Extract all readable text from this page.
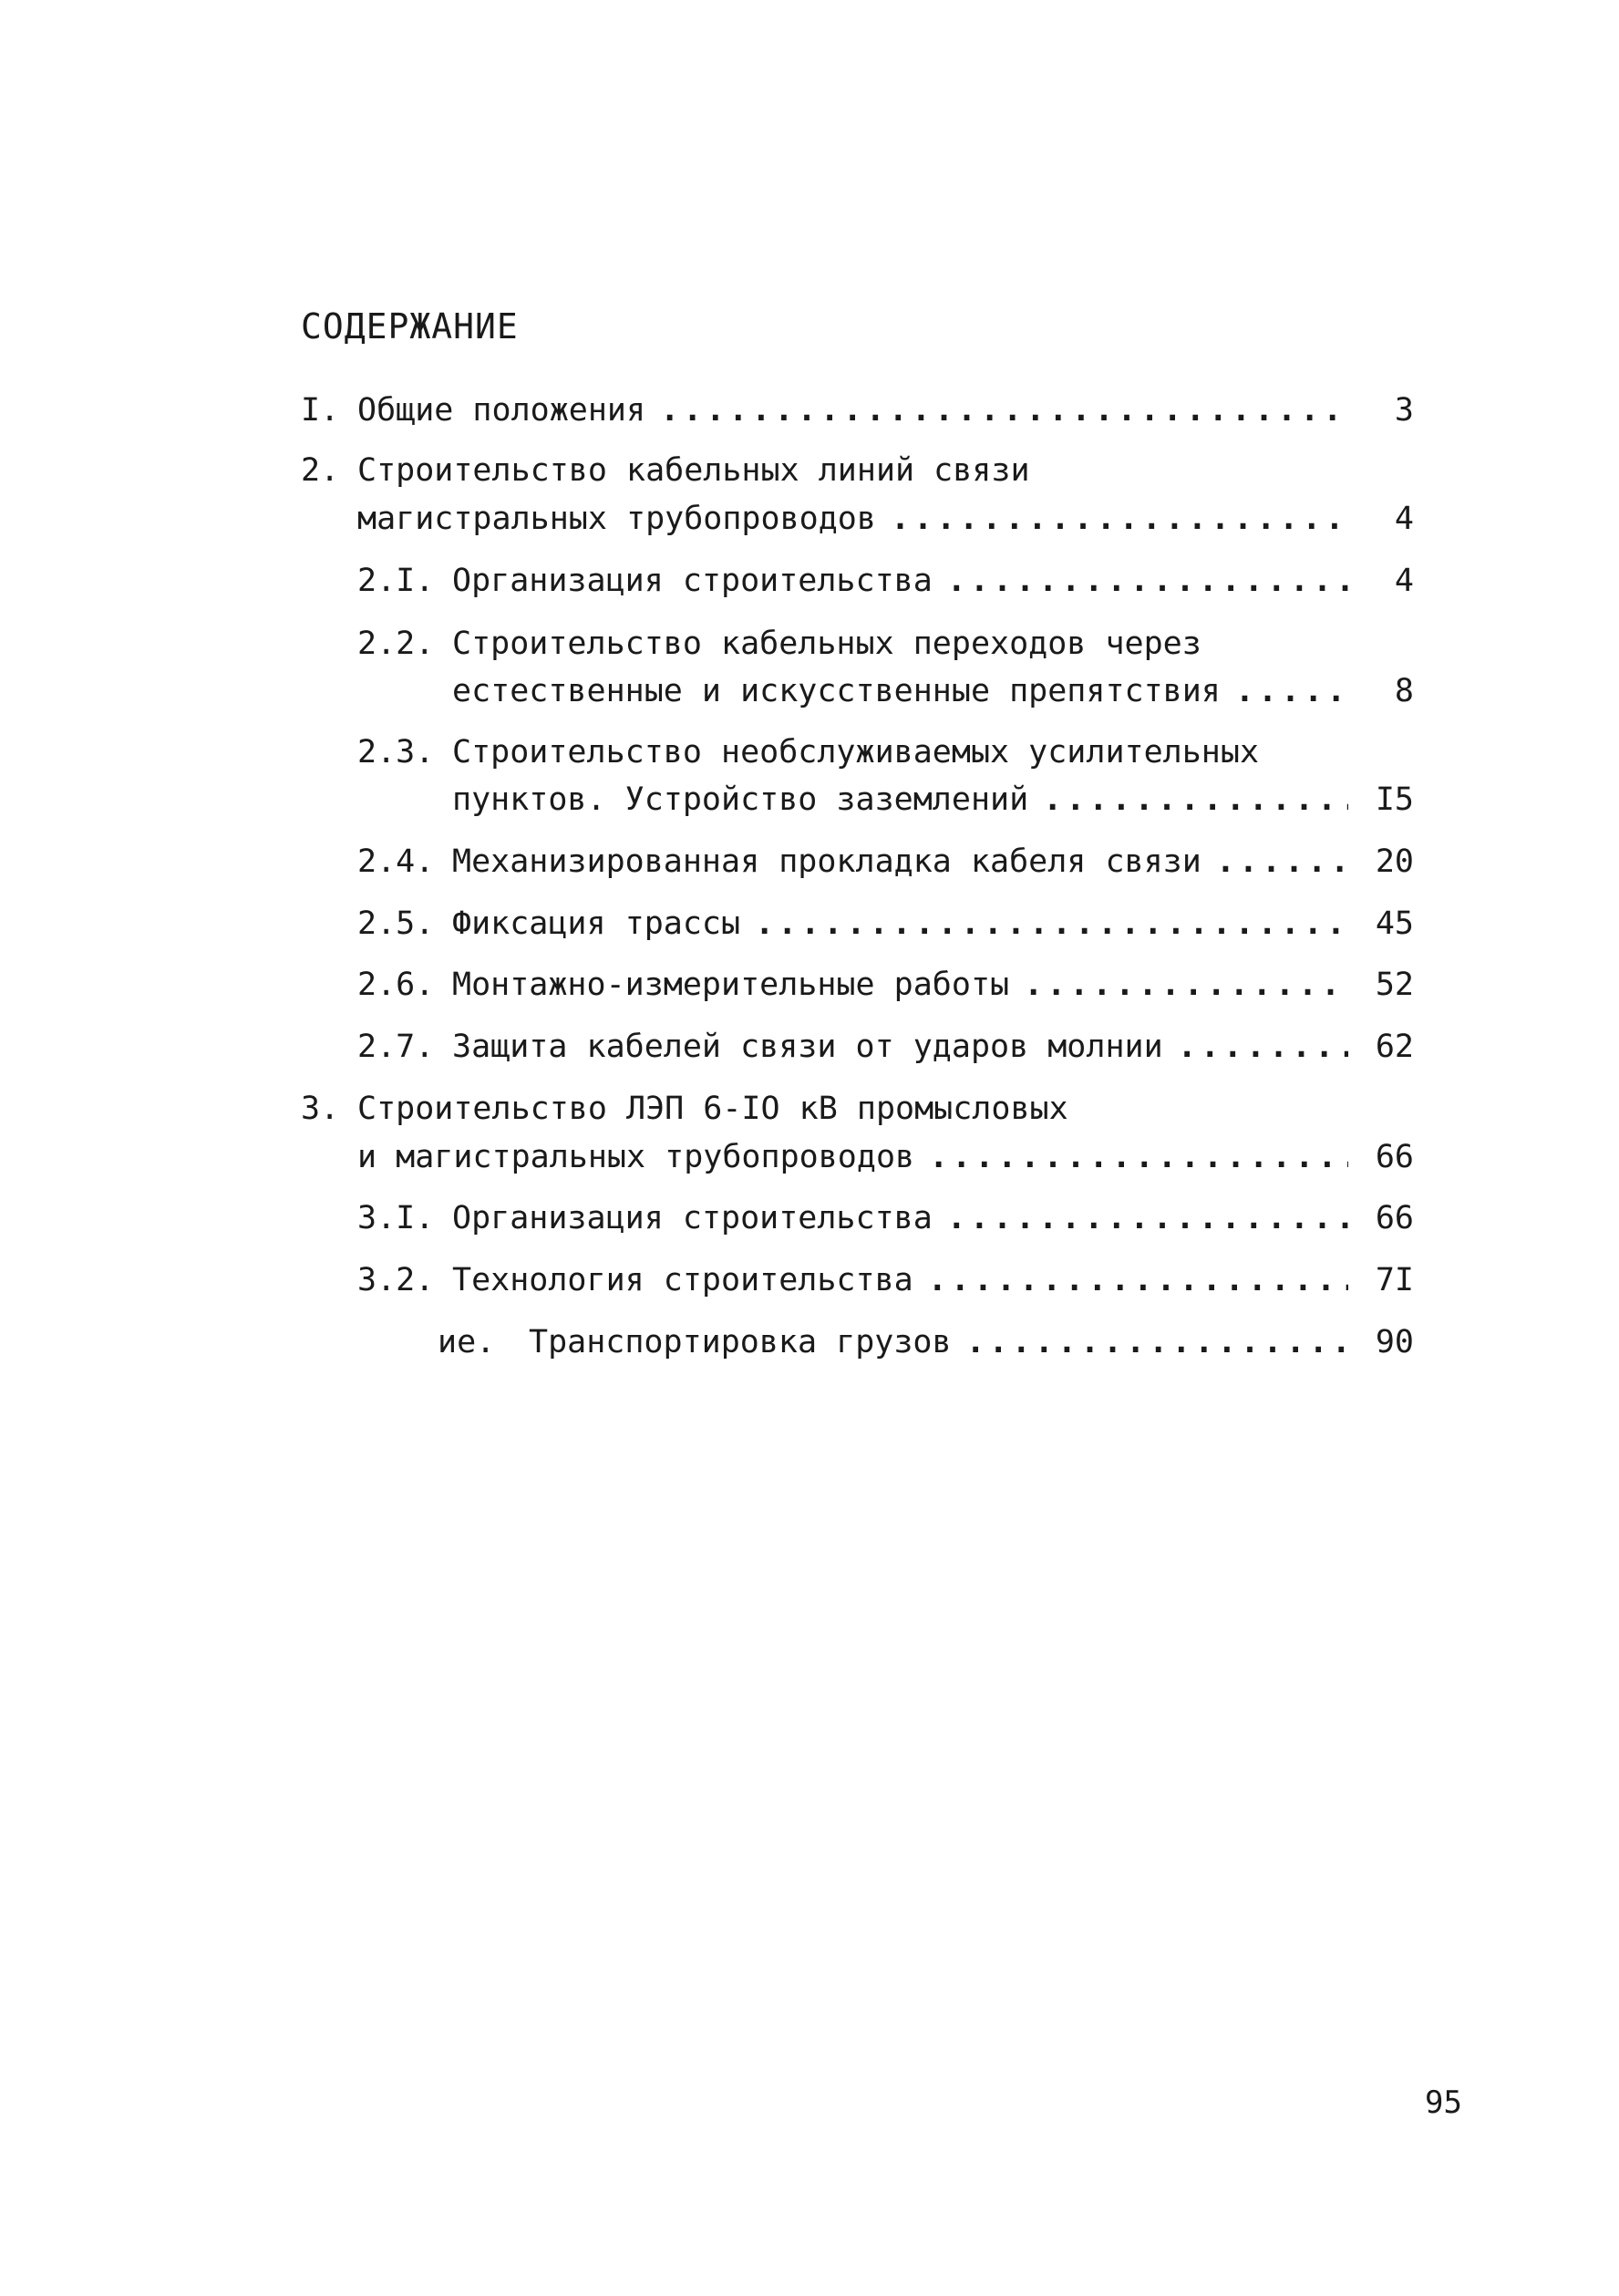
СОДЕРЖАНИЕ
I. Общие положения .....	3
2. Строительство кабельных линий связи
магистральных трубопроводов .....	4
2.I. Организация строительства .....	4
2.2. Строительство кабельных переходов через
естественные и искусственные препятствия .....	8
2.3. Строительство необслуживаемых усилительных
пунктов. Устройство заземлений .....	I5
2.4. Механизированная прокладка кабеля связи .....	20
2.5. Фиксация трассы .....	45
2.6. Монтажно-измерительные работы .....	52
2.7. Защита кабелей связи от ударов молнии .....	62
3. Строительство ЛЭП 6-IO кВ промысловых
и магистральных трубопроводов .....	66
3.I. Организация строительства .....	66
3.2. Технология строительства .....	7I
ие.	Транспортировка грузов .....	90
95
